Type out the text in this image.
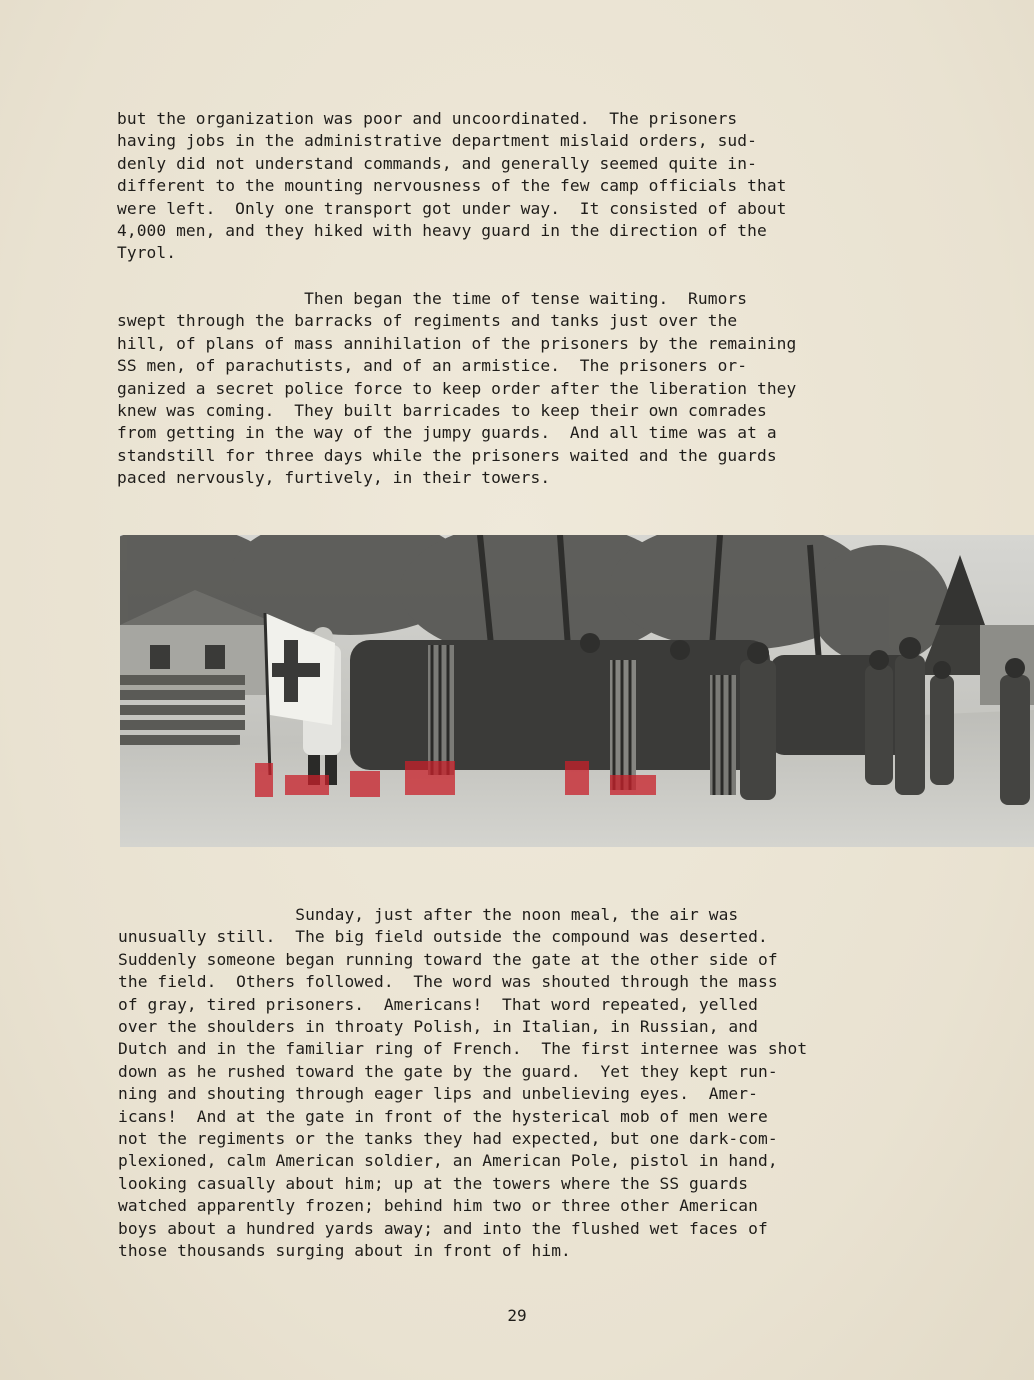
but the organization was poor and uncoordinated.  The prisoners
having jobs in the administrative department mislaid orders, sud-
denly did not understand commands, and generally seemed quite in-
different to the mounting nervousness of the few camp officials that
were left.  Only one transport got under way.  It consisted of about
4,000 men, and they hiked with heavy guard in the direction of the
Tyrol.
Then began the time of tense waiting.  Rumors
swept through the barracks of regiments and tanks just over the
hill, of plans of mass annihilation of the prisoners by the remaining
SS men, of parachutists, and of an armistice.  The prisoners or-
ganized a secret police force to keep order after the liberation they
knew was coming.  They built barricades to keep their own comrades
from getting in the way of the jumpy guards.  And all time was at a
standstill for three days while the prisoners waited and the guards
paced nervously, furtively, in their towers.
Sunday, just after the noon meal, the air was
unusually still.  The big field outside the compound was deserted.
Suddenly someone began running toward the gate at the other side of
the field.  Others followed.  The word was shouted through the mass
of gray, tired prisoners.  Americans!  That word repeated, yelled
over the shoulders in throaty Polish, in Italian, in Russian, and
Dutch and in the familiar ring of French.  The first internee was shot
down as he rushed toward the gate by the guard.  Yet they kept run-
ning and shouting through eager lips and unbelieving eyes.  Amer-
icans!  And at the gate in front of the hysterical mob of men were
not the regiments or the tanks they had expected, but one dark-com-
plexioned, calm American soldier, an American Pole, pistol in hand,
looking casually about him; up at the towers where the SS guards
watched apparently frozen; behind him two or three other American
boys about a hundred yards away; and into the flushed wet faces of
those thousands surging about in front of him.
29
